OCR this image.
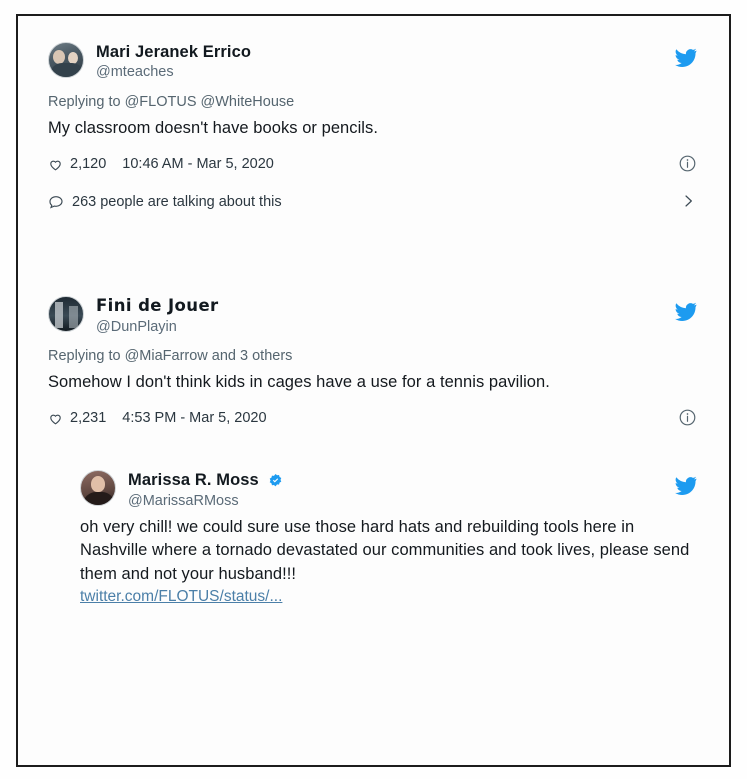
Mari Jeranek Errico
@mteaches
Replying to @FLOTUS @WhiteHouse
My classroom doesn't have books or pencils.
2,120 10:46 AM - Mar 5, 2020
263 people are talking about this
Fini de Jouer
@DunPlayin
Replying to @MiaFarrow and 3 others
Somehow I don't think kids in cages have a use for a tennis pavilion.
2,231 4:53 PM - Mar 5, 2020
Marissa R. Moss
@MarissaRMoss
oh very chill! we could sure use those hard hats and rebuilding tools here in Nashville where a tornado devastated our communities and took lives, please send them and not your husband!!!
twitter.com/FLOTUS/status/...
